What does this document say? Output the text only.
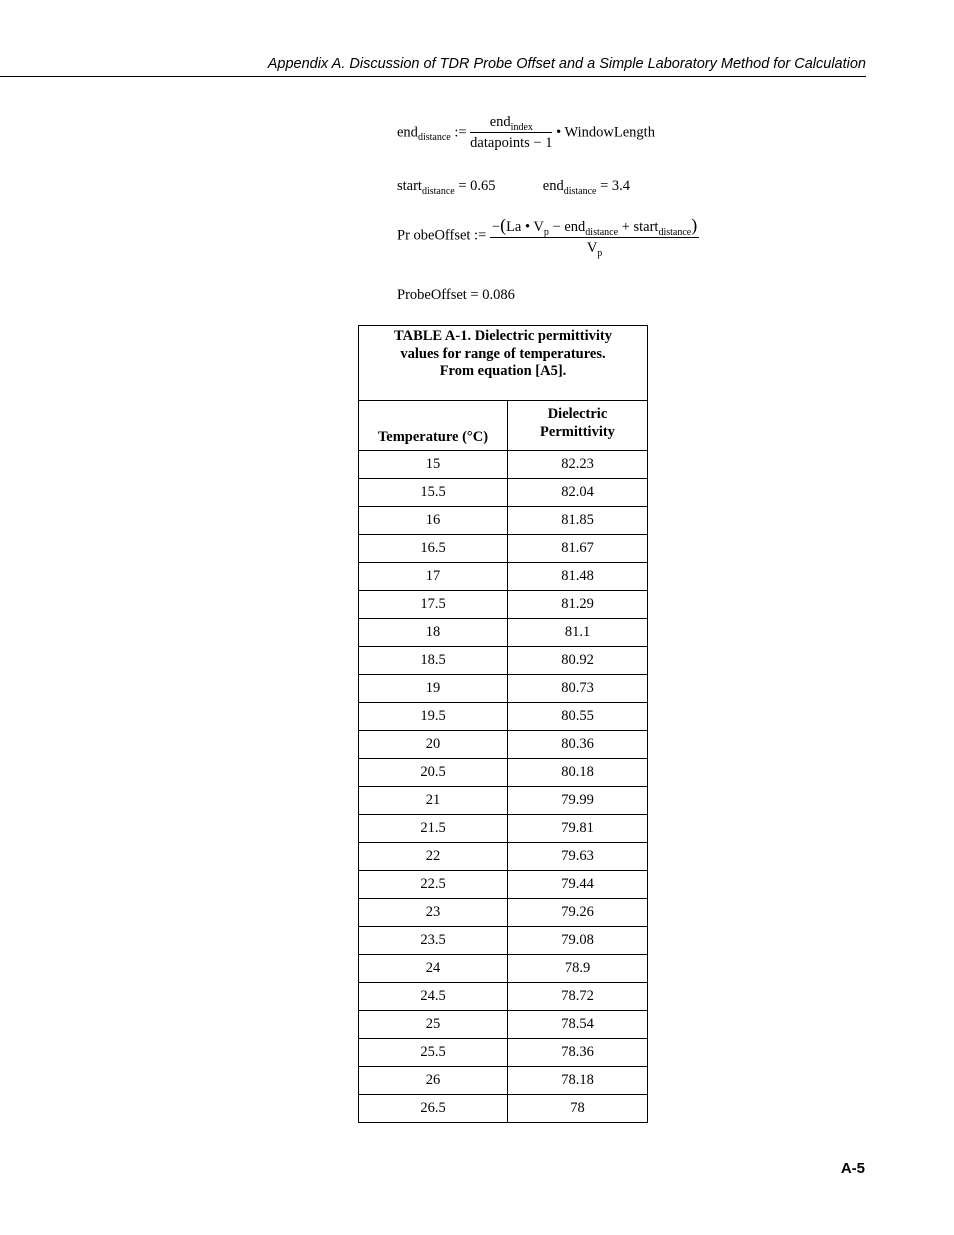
Appendix A. Discussion of TDR Probe Offset and a Simple Laboratory Method for Calculation
end$_{distance}$ := $\frac{end_{index}}{\text{datapoints − 1}}$ • WindowLength
start$_{distance}$ = 0.65	end$_{distance}$ = 3.4
Pr obeOffset := $\frac{-(La • V_p - end_{distance} + start_{distance})}{V_p}$
ProbeOffset = 0.086
TABLE A-1. Dielectric permittivity
values for range of temperatures.
From equation [A5].	

Temperature (°C)	Dielectric
Permittivity

15	82.23
15.5	82.04
16	81.85
16.5	81.67
17	81.48
17.5	81.29
18	81.1
18.5	80.92
19	80.73
19.5	80.55
20	80.36
20.5	80.18
21	79.99
21.5	79.81
22	79.63
22.5	79.44
23	79.26
23.5	79.08
24	78.9
24.5	78.72
25	78.54
25.5	78.36
26	78.18
26.5	78
A-5
